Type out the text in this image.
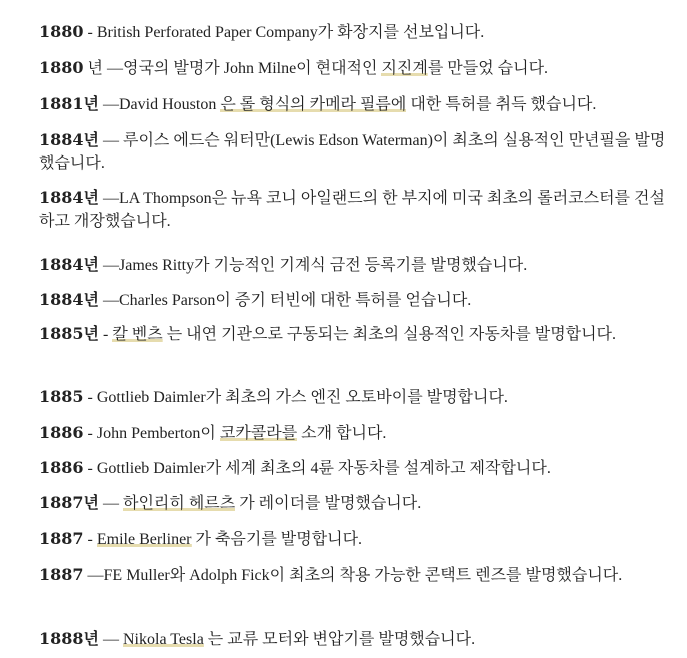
1880 - British Perforated Paper Company가 화장지를 선보입니다.

1880 년 —영국의 발명가 John Milne이 현대적인 지진계를 만들었 습니다.

1881년 —David Houston 은 롤 형식의 카메라 필름에 대한 특허를 취득 했습니다.

1884년 — 루이스 에드슨 워터만(Lewis Edson Waterman)이 최초의 실용적인 만년필을 발명했습니다.

1884년 —LA Thompson은 뉴욕 코니 아일랜드의 한 부지에 미국 최초의 롤러코스터를 건설하고 개장했습니다.

1884년 —James Ritty가 기능적인 기계식 금전 등록기를 발명했습니다.

1884년 —Charles Parson이 증기 터빈에 대한 특허를 얻습니다.

1885년 - 칼 벤츠 는 내연 기관으로 구동되는 최초의 실용적인 자동차를 발명합니다.

1885 - Gottlieb Daimler가 최초의 가스 엔진 오토바이를 발명합니다.

1886 - John Pemberton이 코카콜라를 소개 합니다.

1886 - Gottlieb Daimler가 세계 최초의 4륜 자동차를 설계하고 제작합니다.

1887년 — 하인리히 헤르츠 가 레이더를 발명했습니다.

1887 - Emile Berliner 가 축음기를 발명합니다.

1887 —FE Muller와 Adolph Fick이 최초의 착용 가능한 콘택트 렌즈를 발명했습니다.

1888년 — Nikola Tesla 는 교류 모터와 변압기를 발명했습니다.
